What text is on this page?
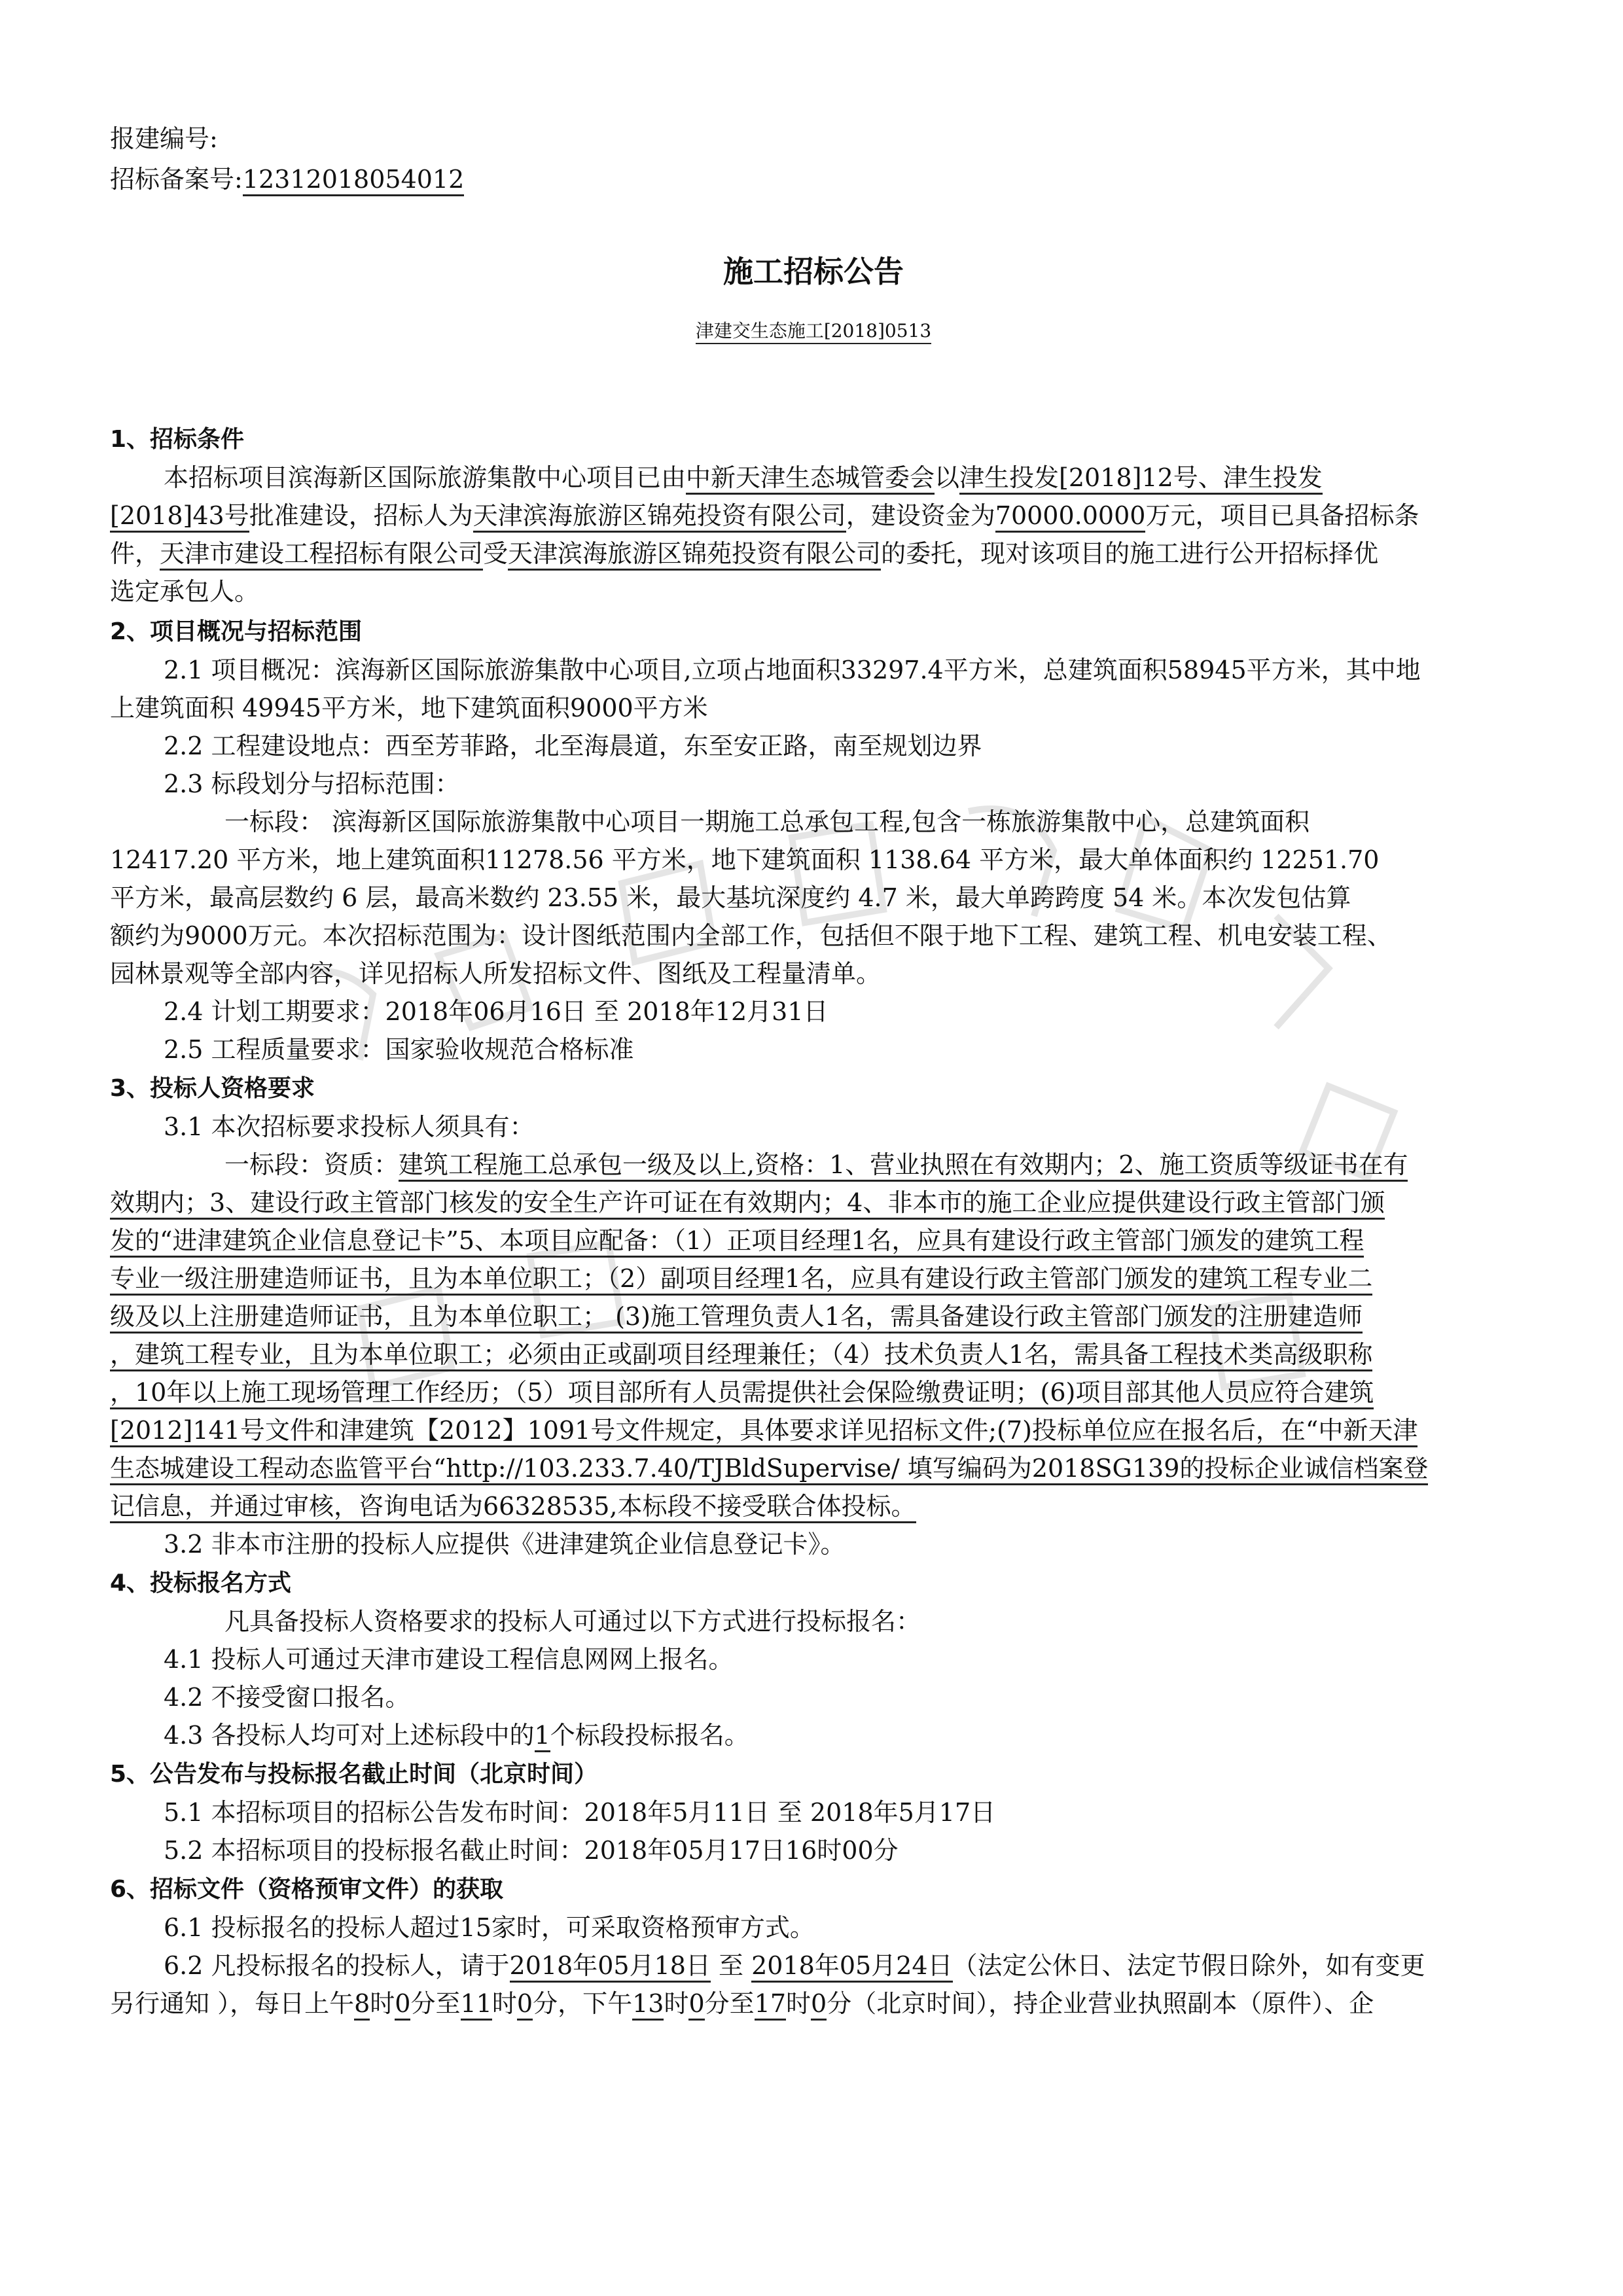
报建编号:
招标备案号:12312018054012
施工招标公告
津建交生态施工[2018]0513
1、招标条件
本招标项目滨海新区国际旅游集散中心项目已由中新天津生态城管委会以津生投发[2018]12号、津生投发
[2018]43号批准建设，招标人为天津滨海旅游区锦苑投资有限公司，建设资金为70000.0000万元，项目已具备招标条
件，天津市建设工程招标有限公司受天津滨海旅游区锦苑投资有限公司的委托，现对该项目的施工进行公开招标择优
选定承包人。
2、项目概况与招标范围
2.1 项目概况：滨海新区国际旅游集散中心项目,立项占地面积33297.4平方米，总建筑面积58945平方米，其中地
上建筑面积 49945平方米，地下建筑面积9000平方米
2.2 工程建设地点：西至芳菲路，北至海晨道，东至安正路，南至规划边界
2.3 标段划分与招标范围：
一标段： 滨海新区国际旅游集散中心项目一期施工总承包工程,包含一栋旅游集散中心，总建筑面积
12417.20 平方米，地上建筑面积11278.56 平方米，地下建筑面积 1138.64 平方米，最大单体面积约 12251.70
平方米，最高层数约 6 层，最高米数约 23.55 米，最大基坑深度约 4.7 米，最大单跨跨度 54 米。本次发包估算
额约为9000万元。本次招标范围为：设计图纸范围内全部工作，包括但不限于地下工程、建筑工程、机电安装工程、
园林景观等全部内容，详见招标人所发招标文件、图纸及工程量清单。
2.4 计划工期要求：2018年06月16日 至 2018年12月31日
2.5 工程质量要求：国家验收规范合格标准
3、投标人资格要求
3.1 本次招标要求投标人须具有：
一标段：资质：建筑工程施工总承包一级及以上,资格：1、营业执照在有效期内；2、施工资质等级证书在有
效期内；3、建设行政主管部门核发的安全生产许可证在有效期内；4、非本市的施工企业应提供建设行政主管部门颁
发的“进津建筑企业信息登记卡”5、本项目应配备：（1）正项目经理1名，应具有建设行政主管部门颁发的建筑工程
专业一级注册建造师证书，且为本单位职工；（2）副项目经理1名，应具有建设行政主管部门颁发的建筑工程专业二
级及以上注册建造师证书，且为本单位职工； (3)施工管理负责人1名，需具备建设行政主管部门颁发的注册建造师
，建筑工程专业，且为本单位职工；必须由正或副项目经理兼任；（4）技术负责人1名，需具备工程技术类高级职称
，10年以上施工现场管理工作经历；（5）项目部所有人员需提供社会保险缴费证明；(6)项目部其他人员应符合建筑
[2012]141号文件和津建筑【2012】1091号文件规定，具体要求详见招标文件;(7)投标单位应在报名后，在“中新天津
生态城建设工程动态监管平台“http://103.233.7.40/TJBldSupervise/ 填写编码为2018SG139的投标企业诚信档案登
记信息，并通过审核，咨询电话为66328535,本标段不接受联合体投标。
3.2 非本市注册的投标人应提供《进津建筑企业信息登记卡》。
4、投标报名方式
凡具备投标人资格要求的投标人可通过以下方式进行投标报名：
4.1 投标人可通过天津市建设工程信息网网上报名。
4.2 不接受窗口报名。
4.3 各投标人均可对上述标段中的1个标段投标报名。
5、公告发布与投标报名截止时间（北京时间）
5.1 本招标项目的招标公告发布时间：2018年5月11日 至 2018年5月17日
5.2 本招标项目的投标报名截止时间：2018年05月17日16时00分
6、招标文件（资格预审文件）的获取
6.1 投标报名的投标人超过15家时，可采取资格预审方式。
6.2 凡投标报名的投标人，请于2018年05月18日 至 2018年05月24日（法定公休日、法定节假日除外，如有变更
另行通知 ），每日上午8时0分至11时0分，下午13时0分至17时0分（北京时间），持企业营业执照副本（原件）、企
